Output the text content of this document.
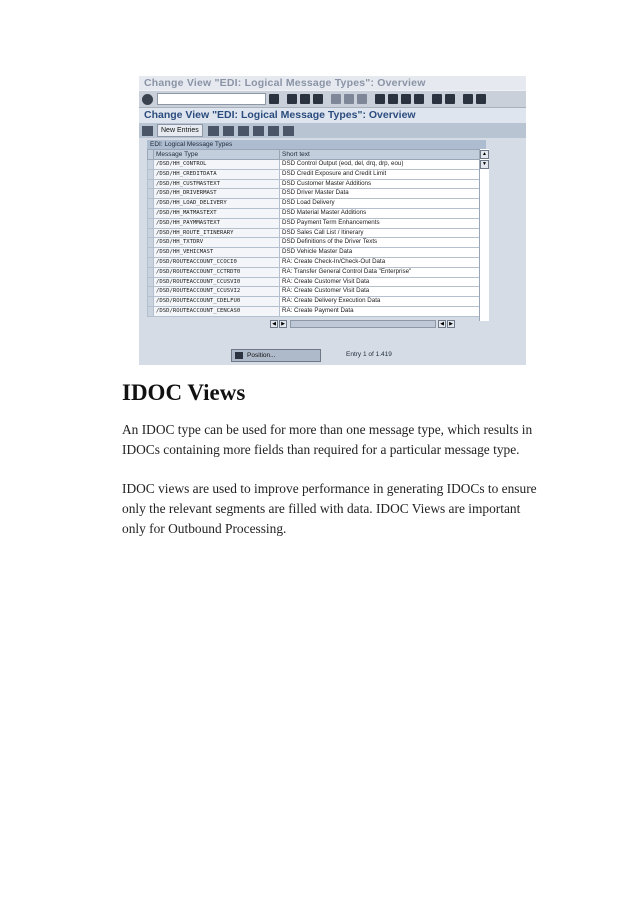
Change View "EDI: Logical Message Types": Overview
Change View "EDI: Logical Message Types": Overview
New Entries
EDI: Logical Message Types
	Message Type	Short text
	/DSD/HH_CONTROL	DSD Control Output (eod, del, drq, drp, eou)
	/DSD/HH_CREDITDATA	DSD Credit Exposure and Credit Limit
	/DSD/HH_CUSTMASTEXT	DSD Customer Master Additions
	/DSD/HH_DRIVERMAST	DSD Driver Master Data
	/DSD/HH_LOAD_DELIVERY	DSD Load Delivery
	/DSD/HH_MATMASTEXT	DSD Material Master Additions
	/DSD/HH_PAYMMASTEXT	DSD Payment Term Enhancements
	/DSD/HH_ROUTE_ITINERARY	DSD Sales Call List / Itinerary
	/DSD/HH_TXTDRV	DSD Definitions of the Driver Texts
	/DSD/HH_VEHICMAST	DSD Vehicle Master Data
	/DSD/ROUTEACCOUNT_CCOCI0	RA: Create Check-In/Check-Out Data
	/DSD/ROUTEACCOUNT_CCTRDT0	RA: Transfer General Control Data "Enterprise"
	/DSD/ROUTEACCOUNT_CCUSVI0	RA: Create Customer Visit Data
	/DSD/ROUTEACCOUNT_CCUSVI2	RA: Create Customer Visit Data
	/DSD/ROUTEACCOUNT_CDELFU0	RA: Create Delivery Execution Data
	/DSD/ROUTEACCOUNT_CENCAS0	RA: Create Payment Data
▲
▼
◀	▶	◀	▶
Position...	Entry 1 of 1.419
IDOC Views

An IDOC type can be used for more than one message type, which results in IDOCs containing more fields than required for a particular message type.

IDOC views are used to improve performance in generating IDOCs to ensure only the relevant segments are filled with data. IDOC Views are important only for Outbound Processing.
